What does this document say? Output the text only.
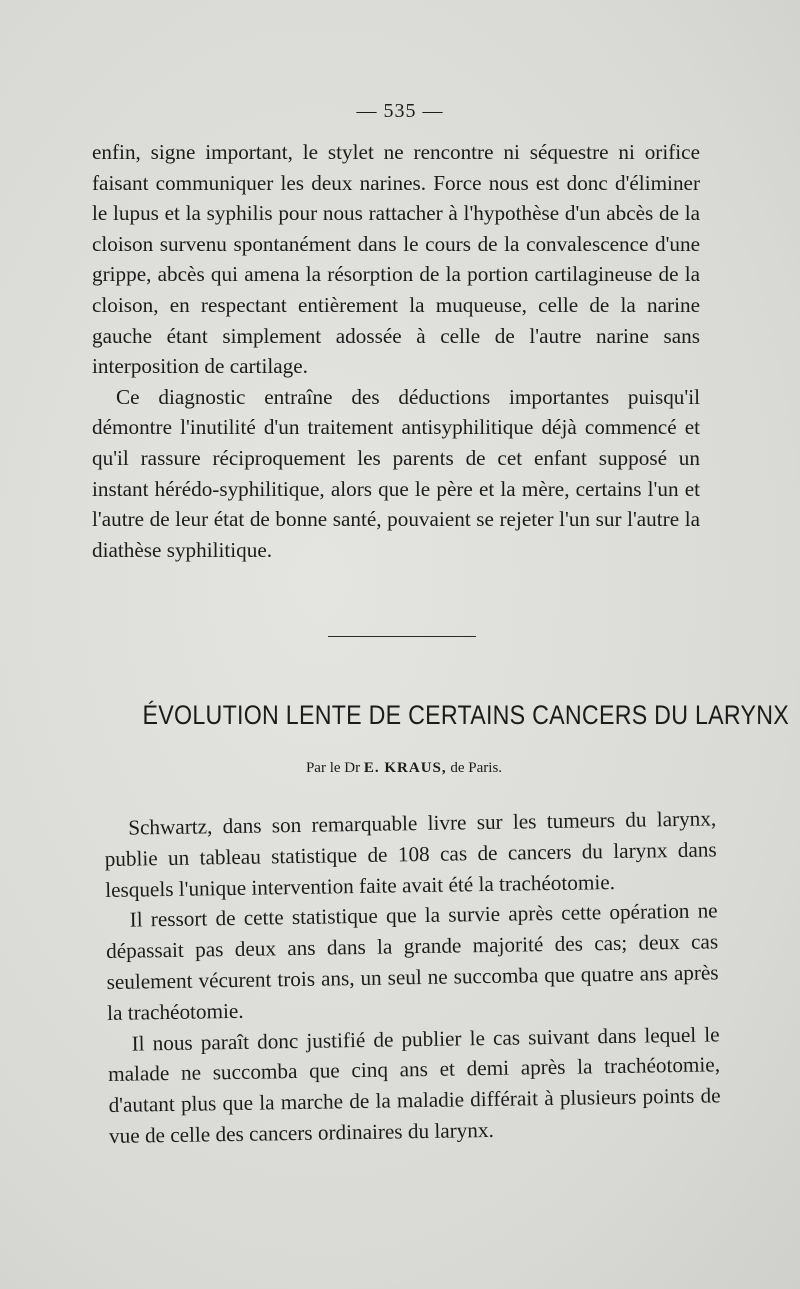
— 535 —

enfin, signe important, le stylet ne rencontre ni séquestre ni orifice faisant communiquer les deux narines. Force nous est donc d'éliminer le lupus et la syphilis pour nous rattacher à l'hypothèse d'un abcès de la cloison survenu spontanément dans le cours de la convalescence d'une grippe, abcès qui amena la résorption de la portion cartilagineuse de la cloison, en respectant entièrement la muqueuse, celle de la narine gauche étant simplement adossée à celle de l'autre narine sans interposition de cartilage.

Ce diagnostic entraîne des déductions importantes puisqu'il démontre l'inutilité d'un traitement antisyphilitique déjà commencé et qu'il rassure réciproquement les parents de cet enfant supposé un instant hérédo-syphilitique, alors que le père et la mère, certains l'un et l'autre de leur état de bonne santé, pouvaient se rejeter l'un sur l'autre la diathèse syphilitique.

ÉVOLUTION LENTE DE CERTAINS CANCERS DU LARYNX
Par le Dr E. KRAUS, de Paris.

Schwartz, dans son remarquable livre sur les tumeurs du larynx, publie un tableau statistique de 108 cas de cancers du larynx dans lesquels l'unique intervention faite avait été la trachéotomie.

Il ressort de cette statistique que la survie après cette opération ne dépassait pas deux ans dans la grande majorité des cas; deux cas seulement vécurent trois ans, un seul ne succomba que quatre ans après la trachéotomie.

Il nous paraît donc justifié de publier le cas suivant dans lequel le malade ne succomba que cinq ans et demi après la trachéotomie, d'autant plus que la marche de la maladie différait à plusieurs points de vue de celle des cancers ordinaires du larynx.
